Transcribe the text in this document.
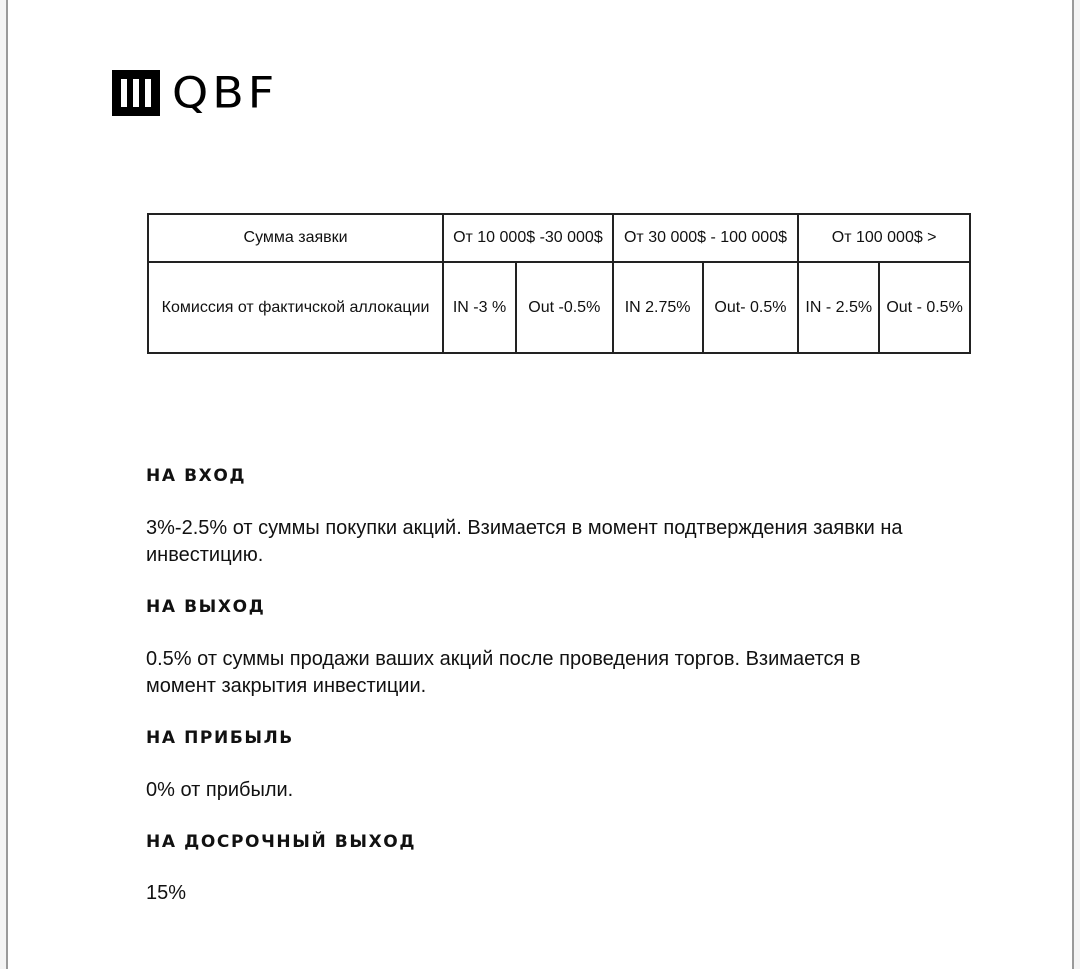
QBF
Сумма заявки	От 10 000$ -30 000$		От 30 000$ - 100 000$		От 100 000$ >	
Комиссия от фактичской аллокации	IN -3 %	Out -0.5%	IN 2.75%	Out- 0.5%	IN - 2.5%	Out - 0.5%
НА ВХОД

3%-2.5% от суммы покупки акций. Взимается в момент подтверждения заявки на инвестицию.

НА ВЫХОД

0.5% от суммы продажи ваших акций после проведения торгов. Взимается в момент закрытия инвестиции.

НА ПРИБЫЛЬ

0% от прибыли.

НА ДОСРОЧНЫЙ ВЫХОД

15%
